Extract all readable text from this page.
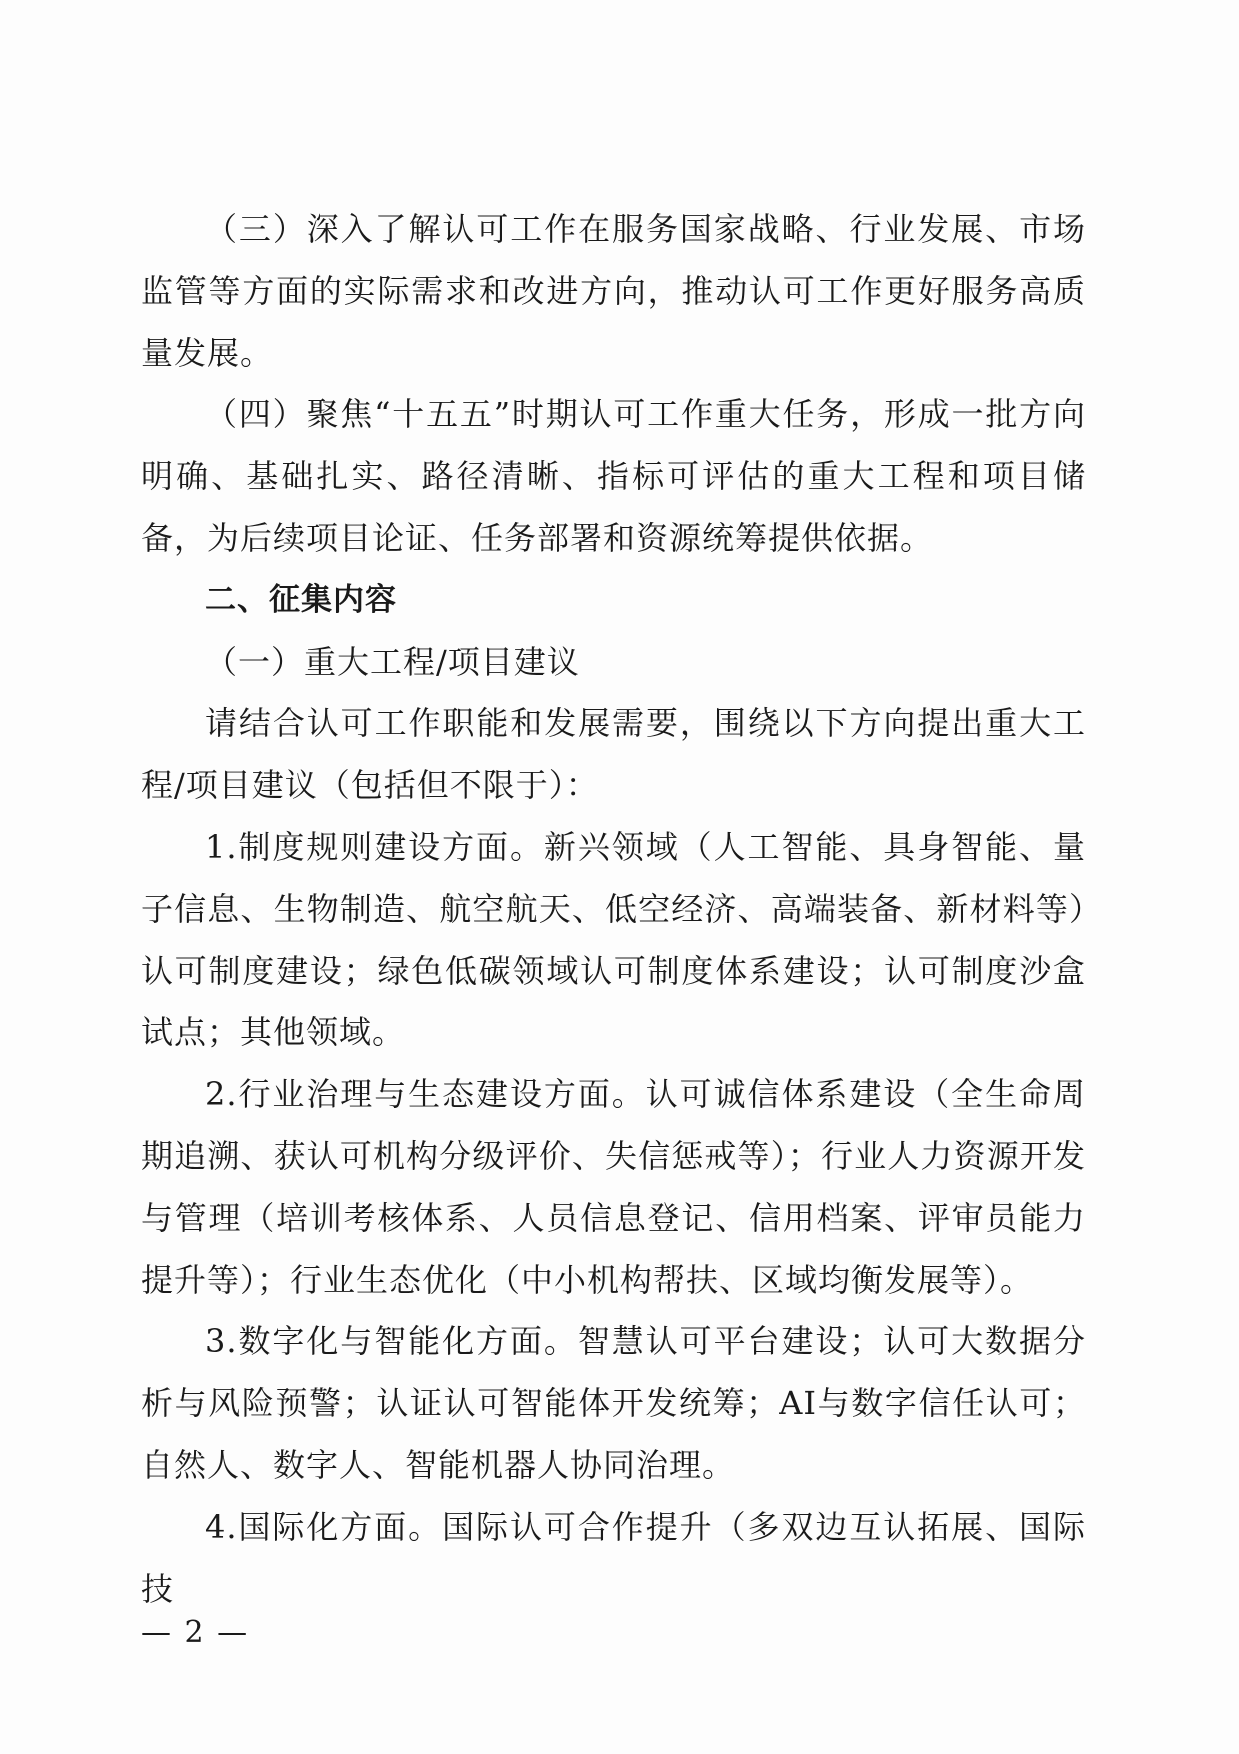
（三）深入了解认可工作在服务国家战略、行业发展、市场监管等方面的实际需求和改进方向，推动认可工作更好服务高质量发展。

（四）聚焦“十五五”时期认可工作重大任务，形成一批方向明确、基础扎实、路径清晰、指标可评估的重大工程和项目储备，为后续项目论证、任务部署和资源统筹提供依据。

二、征集内容

（一）重大工程/项目建议

请结合认可工作职能和发展需要，围绕以下方向提出重大工程/项目建议（包括但不限于）：

1.制度规则建设方面。新兴领域（人工智能、具身智能、量子信息、生物制造、航空航天、低空经济、高端装备、新材料等）认可制度建设；绿色低碳领域认可制度体系建设；认可制度沙盒试点；其他领域。

2.行业治理与生态建设方面。认可诚信体系建设（全生命周期追溯、获认可机构分级评价、失信惩戒等）；行业人力资源开发与管理（培训考核体系、人员信息登记、信用档案、评审员能力提升等）；行业生态优化（中小机构帮扶、区域均衡发展等）。

3.数字化与智能化方面。智慧认可平台建设；认可大数据分析与风险预警；认证认可智能体开发统筹；AI与数字信任认可；自然人、数字人、智能机器人协同治理。

4.国际化方面。国际认可合作提升（多双边互认拓展、国际技

— 2 —
